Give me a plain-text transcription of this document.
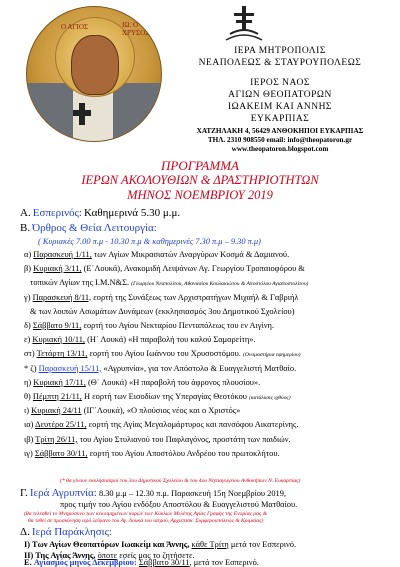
Ο ΑΓΙΟΣ	ΙΩ. Ο ΧΡΥΣΟΣ.
ΙΕΡΑ ΜΗΤΡΟΠΟΛΙΣ
ΝΕΑΠΟΛΕΩΣ & ΣΤΑΥΡΟΥΠΟΛΕΩΣ
ΙΕΡΟΣ ΝΑΟΣ
ΑΓΙΩΝ ΘΕΟΠΑΤΟΡΩΝ
ΙΩΑΚΕΙΜ ΚΑΙ ΑΝΝΗΣ
ΕΥΚΑΡΠΙΑΣ
ΧΑΤΖΗΛΑΚΗ 4, 56429 ΑΝΘΟΚΗΠΟΙ ΕΥΚΑΡΠΙΑΣ
ΤΗΛ. 2310 908550 email: info@theopatoron.gr
www.theopatoron.blogspot.com
ΠΡΟΓΡΑΜΜΑ
ΙΕΡΩΝ ΑΚΟΛΟΥΘΙΩΝ & ΔΡΑΣΤΗΡΙΟΤΗΤΩΝ
ΜΗΝΟΣ ΝΟΕΜΒΡΙΟΥ 2019
Α. Εσπερινός: Καθημερινά 5.30 μ.μ.
Β. Όρθρος & Θεία Λειτουργία:
( Κυριακές 7.00 π.μ - 10.30 π.μ & καθημερινές 7.30 π.μ – 9.30 π.μ)
α) Παρασκευή 1/11, των Αγίων Μικρασιατών Αναργύρων Κοσμά & Δαμιανού.
β) Κυριακή 3/11, (Ε΄Λουκά), Ανακομιδή Λειψάνων Αγ. Γεωργίου Τροπαιοφόρου &
τοπικών Αγίων της Ι.Μ.Ν&Σ. (Γεωργίου Νεαπολίτου, Αθανασίου Κουλακιώτου & Αποστόλου Αγιαποστολίτου)
γ) Παρασκευή 8/11, εορτή της Συνάξεως των Αρχιστρατήγων Μιχαήλ & Γαβριήλ
& των λοιπών Ασωμάτων Δυνάμεων (εκκλησιασμός 3ου Δημοτικού Σχολείου)
δ) Σάββατο 9/11, εορτή του Αγίου Νεκταρίου Πενταπόλεως του εν Αιγίνη.
ε) Κυριακή 10/11, (Η΄ Λουκά) «Η παραβολή του καλού Σαμαρείτη».
στ) Τετάρτη 13/11, εορτή του Αγίου Ιωάννου του Χρυσοστόμου. (Ονομαστήρια εφημερίου)
* ζ) Παρασκευή 15/11, «Αγρυπνία», για τον Απόστολο & Ευαγγελιστή Ματθαίο.
η) Κυριακή 17/11, (Θ΄ Λουκά) «Η παραβολή του άφρονος πλουσίου».
θ) Πέμπτη 21/11, Η εορτή των Εισοδίων της Υπεραγίας Θεοτόκου (κατάλυσις ιχθύος)
ι) Κυριακή 24/11 (ΙΓ΄Λουκά), «Ο πλούσιος νέος και ο Χριστός»
ια) Δευτέρα 25/11, εορτή της Αγίας Μεγαλομάρτυρος και πανσόφου Αικατερίνης.
ιβ) Τρίτη 26/11, του Αγίου Στυλιανού του Παφλαγόνος, προστάτη των παιδιών.
ιγ) Σάββατο 30/11, εορτή του Αγίου Αποστόλου Ανδρέου του πρωτοκλήτου.
(* θα γίνουν εκκλησιασμοί του 3ου Δημοτικού Σχολείου & του 4ου Νηπιαγωγείου Ανθοκήπων Ν. Ευκαρπίας)
Γ. Ιερά Αγρυπνία: 8.30 μ.μ – 12.30 π.μ. Παρασκευή 15η Νοεμβρίου 2019,
προς τιμήν του Αγίου ενδόξου Αποστόλου & Ευαγγελιστού Ματθαίου.
(θα τελεσθεί το Μνημόσυνο των κεκοιμημένων κυρών των Κύκλων Μελέτης Αγίας Γραφής της Ενορίας μας &
θα τεθεί σε προσκύνηση ιερό λείψανο του Αγ. Λουκά του ιατρού, Αρχιεπισκ. Συμφερουπόλεως & Κριμαίας)
Δ. Ιερά Παράκλησις:
Ι) Των Αγίων Θεοπατόρων Ιωακείμ και Άννης, κάθε Τρίτη μετά τον Εσπερινό.
ΙΙ) Της Αγίας Άννης, όποτε εσείς μας το ζητήσετε.
Ε. Αγιασμός μηνός Δεκεμβρίου: Σάββατο 30/11, μετά τον Εσπερινό.
